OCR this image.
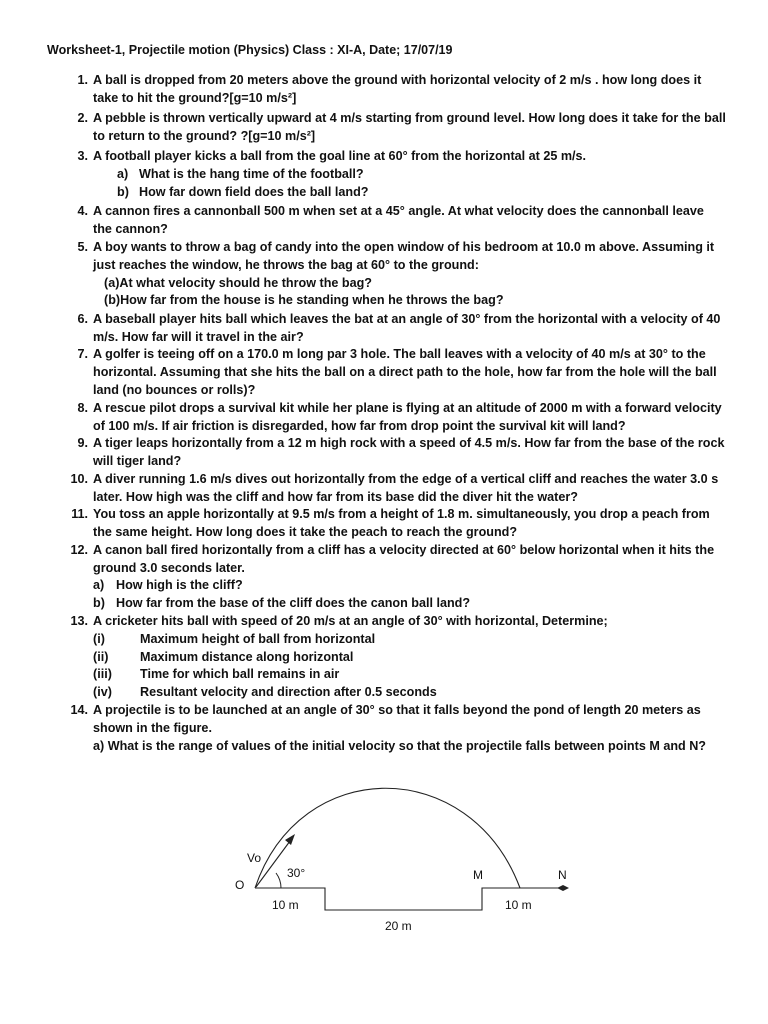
Worksheet-1, Projectile motion (Physics) Class : XI-A, Date; 17/07/19
1. A ball is dropped from 20 meters above the ground with horizontal velocity of 2 m/s . how long does it take to hit the ground?[g=10 m/s²]
2. A pebble is thrown vertically upward at 4 m/s starting from ground level. How long does it take for the ball to return to the ground? ?[g=10 m/s²]
3. A football player kicks a ball from the goal line at 60° from the horizontal at 25 m/s.
a) What is the hang time of the football?
b) How far down field does the ball land?
4. A cannon fires a cannonball 500 m when set at a 45° angle. At what velocity does the cannonball leave the cannon?
5. A boy wants to throw a bag of candy into the open window of his bedroom at 10.0 m above. Assuming it just reaches the window, he throws the bag at 60° to the ground:
(a)At what velocity should he throw the bag?
(b)How far from the house is he standing when he throws the bag?
6. A baseball player hits ball which leaves the bat at an angle of 30° from the horizontal with a velocity of 40 m/s. How far will it travel in the air?
7. A golfer is teeing off on a 170.0 m long par 3 hole. The ball leaves with a velocity of 40 m/s at 30° to the horizontal. Assuming that she hits the ball on a direct path to the hole, how far from the hole will the ball land (no bounces or rolls)?
8. A rescue pilot drops a survival kit while her plane is flying at an altitude of 2000 m with a forward velocity of 100 m/s. If air friction is disregarded, how far from drop point the survival kit will land?
9. A tiger leaps horizontally from a 12 m high rock with a speed of 4.5 m/s. How far from the base of the rock will tiger land?
10. A diver running 1.6 m/s dives out horizontally from the edge of a vertical cliff and reaches the water 3.0 s later. How high was the cliff and how far from its base did the diver hit the water?
11. You toss an apple horizontally at 9.5 m/s from a height of 1.8 m. simultaneously, you drop a peach from the same height. How long does it take the peach to reach the ground?
12. A canon ball fired horizontally from a cliff has a velocity directed at 60° below horizontal when it hits the ground 3.0 seconds later.
a) How high is the cliff?
b) How far from the base of the cliff does the canon ball land?
13. A cricketer hits ball with speed of 20 m/s at an angle of 30° with horizontal, Determine;
(i)	Maximum height of ball from horizontal
(ii)	Maximum distance along horizontal
(iii) Time for which ball remains in air
(iv) Resultant velocity and direction after 0.5 seconds
14. A projectile is to be launched at an angle of 30° so that it falls beyond the pond of length 20 meters as shown in the figure.
a) What is the range of values of the initial velocity so that the projectile falls between points M and N?
Vo
30°
O
M	N
10 m	10 m
20 m
